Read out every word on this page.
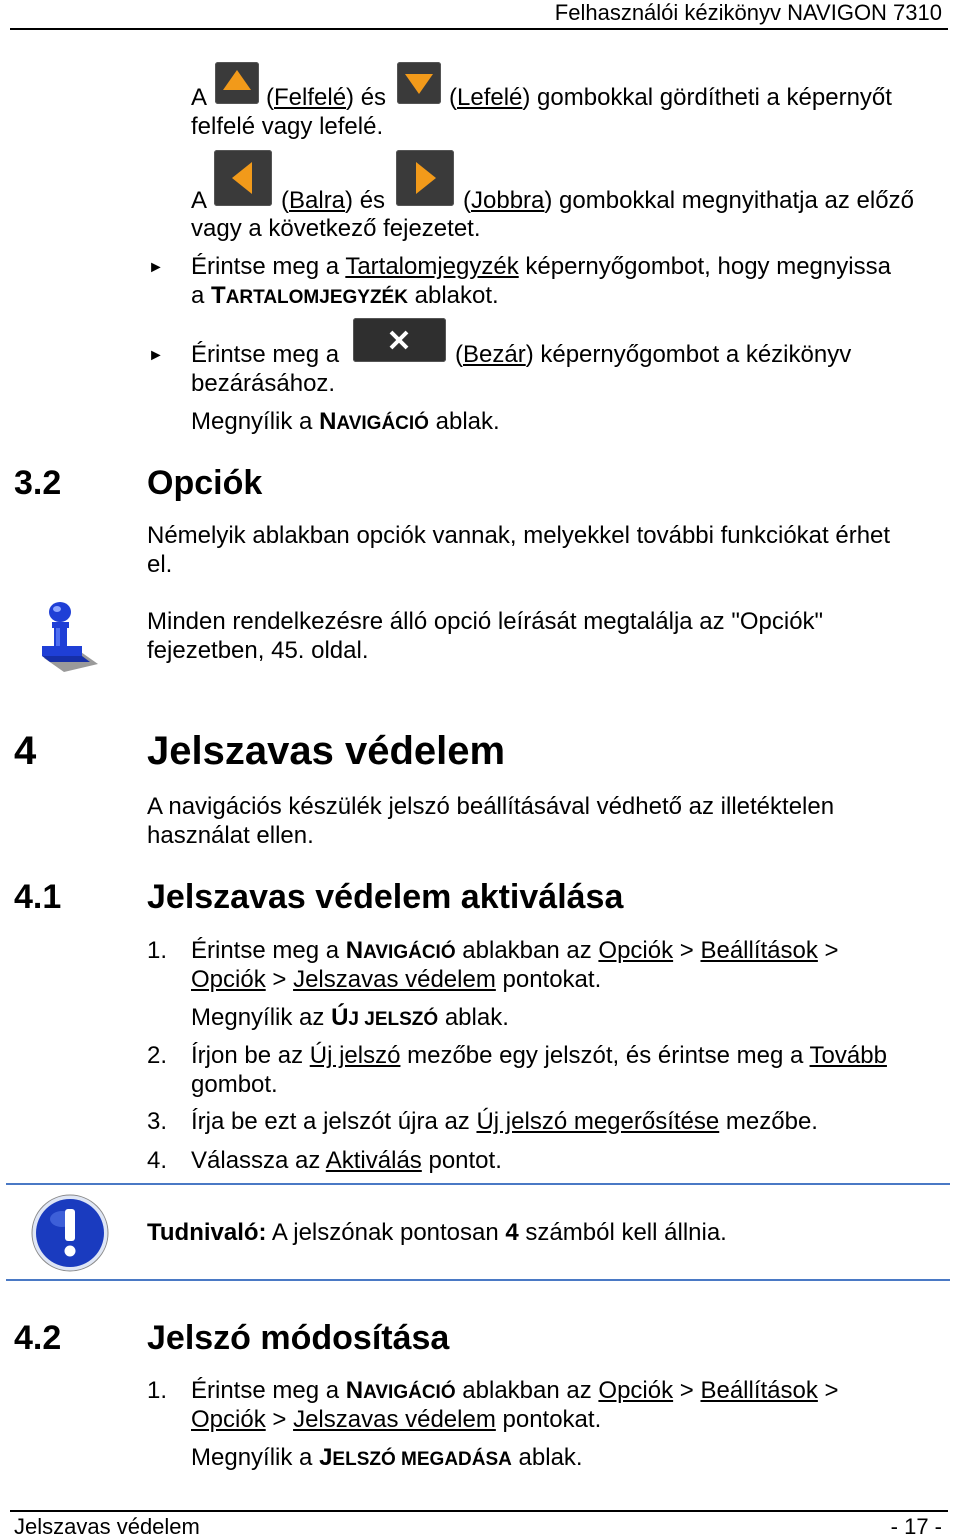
Felhasználói kézikönyv NAVIGON 7310
A (Felfelé) és	(Lefelé) gombokkal gördítheti a képernyőt
felfelé vagy lefelé.
A	(Balra) és	(Jobbra) gombokkal megnyithatja az előző
vagy a következő fejezetet.
► Érintse meg a Tartalomjegyzék képernyőgombot, hogy megnyissa
a TARTALOMJEGYZÉK ablakot.
► Érintse meg a	(Bezár) képernyőgombot a kézikönyv
bezárásához.
Megnyílik a NAVIGÁCIÓ ablak.
3.2	Opciók
Némelyik ablakban opciók vannak, melyekkel további funkciókat érhet
el.
Minden rendelkezésre álló opció leírását megtalálja az "Opciók"
fejezetben, 45. oldal.
4	Jelszavas védelem
A navigációs készülék jelszó beállításával védhető az illetéktelen
használat ellen.
4.1	Jelszavas védelem aktiválása
1. Érintse meg a NAVIGÁCIÓ ablakban az Opciók > Beállítások >
Opciók > Jelszavas védelem pontokat.
Megnyílik az ÚJ JELSZÓ ablak.
2. Írjon be az Új jelszó mezőbe egy jelszót, és érintse meg a Tovább
gombot.
3. Írja be ezt a jelszót újra az Új jelszó megerősítése mezőbe.
4. Válassza az Aktiválás pontot.
Tudnivaló: A jelszónak pontosan 4 számból kell állnia.
4.2	Jelszó módosítása
1. Érintse meg a NAVIGÁCIÓ ablakban az Opciók > Beállítások >
Opciók > Jelszavas védelem pontokat.
Megnyílik a JELSZÓ MEGADÁSA ablak.
Jelszavas védelem	- 17 -
